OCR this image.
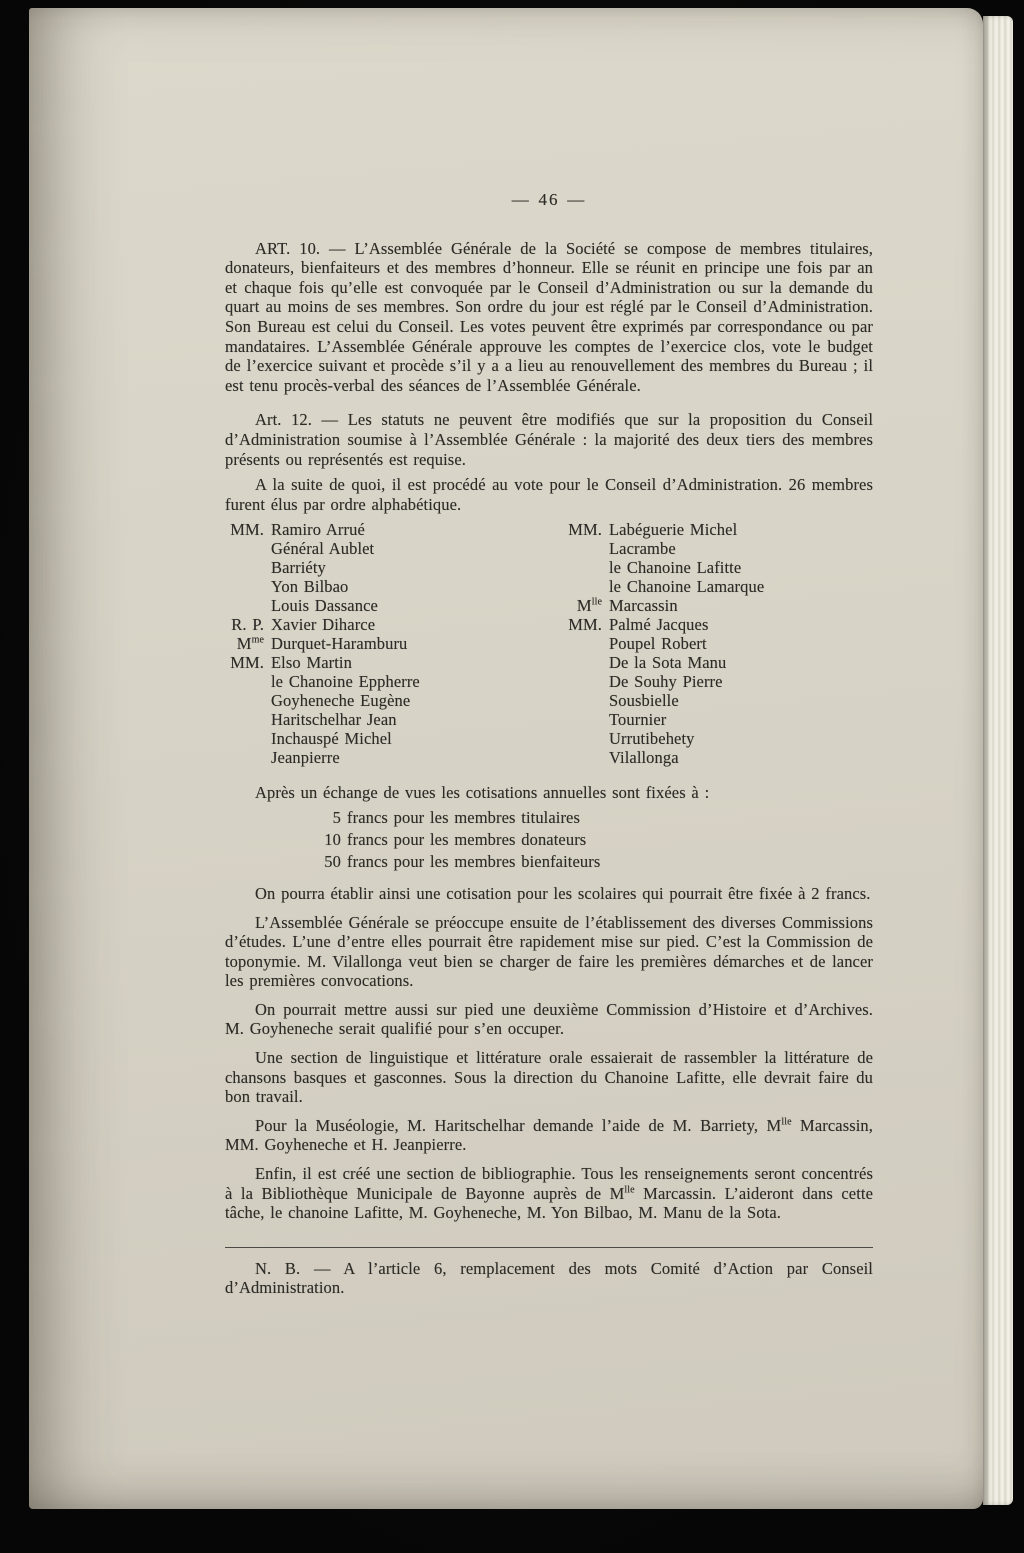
— 46 —

ART. 10. — L’Assemblée Générale de la Société se compose de membres titulaires, donateurs, bienfaiteurs et des membres d’honneur. Elle se réunit en principe une fois par an et chaque fois qu’elle est convoquée par le Conseil d’Administration ou sur la demande du quart au moins de ses membres. Son ordre du jour est réglé par le Conseil d’Administration. Son Bureau est celui du Conseil. Les votes peuvent être exprimés par correspondance ou par mandataires. L’Assemblée Générale approuve les comptes de l’exercice clos, vote le budget de l’exercice suivant et procède s’il y a a lieu au renouvellement des membres du Bureau ; il est tenu procès-verbal des séances de l’Assemblée Générale.

Art. 12. — Les statuts ne peuvent être modifiés que sur la proposition du Conseil d’Administration soumise à l’Assemblée Générale : la majorité des deux tiers des membres présents ou représentés est requise.

A la suite de quoi, il est procédé au vote pour le Conseil d’Administration. 26 membres furent élus par ordre alphabétique.

MM. Ramiro Arrué
Général Aublet
Barriéty
Yon Bilbao
Louis Dassance
R. P. Xavier Diharce
$M^{me}$ Durquet-Haramburu
MM. Elso Martin
le Chanoine Eppherre
Goyheneche Eugène
Haritschelhar Jean
Inchauspé Michel
Jeanpierre
MM. Labéguerie Michel
Lacrambe
le Chanoine Lafitte
le Chanoine Lamarque
$M^{lle}$ Marcassin
MM. Palmé Jacques
Poupel Robert
De la Sota Manu
De Souhy Pierre
Sousbielle
Tournier
Urrutibehety
Vilallonga

Après un échange de vues les cotisations annuelles sont fixées à :

5 francs pour les membres titulaires
10 francs pour les membres donateurs
50 francs pour les membres bienfaiteurs

On pourra établir ainsi une cotisation pour les scolaires qui pourrait être fixée à 2 francs.

L’Assemblée Générale se préoccupe ensuite de l’établissement des diverses Commissions d’études. L’une d’entre elles pourrait être rapidement mise sur pied. C’est la Commission de toponymie. M. Vilallonga veut bien se charger de faire les premières démarches et de lancer les premières convocations.

On pourrait mettre aussi sur pied une deuxième Commission d’Histoire et d’Archives. M. Goyheneche serait qualifié pour s’en occuper.

Une section de linguistique et littérature orale essaierait de rassembler la littérature de chansons basques et gasconnes. Sous la direction du Chanoine Lafitte, elle devrait faire du bon travail.

Pour la Muséologie, M. Haritschelhar demande l’aide de M. Barriety, $M^{lle}$ Marcassin, MM. Goyheneche et H. Jeanpierre.

Enfin, il est créé une section de bibliographie. Tous les renseignements seront concentrés à la Bibliothèque Municipale de Bayonne auprès de $M^{lle}$ Marcassin. L’aideront dans cette tâche, le chanoine Lafitte, M. Goyheneche, M. Yon Bilbao, M. Manu de la Sota.

N. B. — A l’article 6, remplacement des mots Comité d’Action par Conseil d’Administration.
